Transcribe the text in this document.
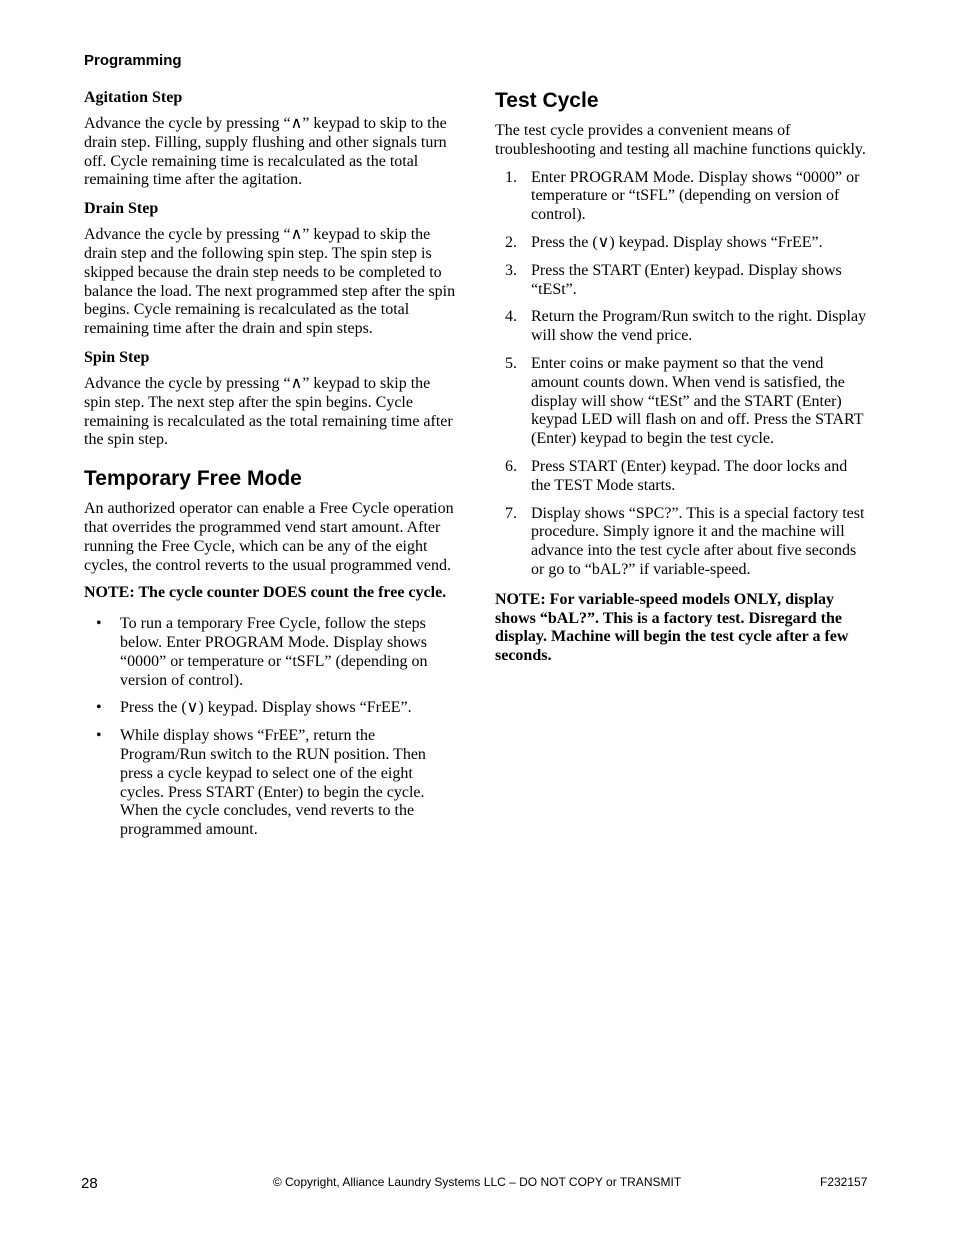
Programming
Agitation Step

Advance the cycle by pressing “∧” keypad to skip to the drain step. Filling, supply flushing and other signals turn off. Cycle remaining time is recalculated as the total remaining time after the agitation.

Drain Step

Advance the cycle by pressing “∧” keypad to skip the drain step and the following spin step. The spin step is skipped because the drain step needs to be completed to balance the load. The next programmed step after the spin begins. Cycle remaining is recalculated as the total remaining time after the drain and spin steps.

Spin Step

Advance the cycle by pressing “∧” keypad to skip the spin step. The next step after the spin begins. Cycle remaining is recalculated as the total remaining time after the spin step.

Temporary Free Mode

An authorized operator can enable a Free Cycle operation that overrides the programmed vend start amount. After running the Free Cycle, which can be any of the eight cycles, the control reverts to the usual programmed vend.

NOTE: The cycle counter DOES count the free cycle.

• To run a temporary Free Cycle, follow the steps below. Enter PROGRAM Mode. Display shows “0000” or temperature or “tSFL” (depending on version of control).
• Press the (∨) keypad. Display shows “FrEE”.
• While display shows “FrEE”, return the Program/Run switch to the RUN position. Then press a cycle keypad to select one of the eight cycles. Press START (Enter) to begin the cycle. When the cycle concludes, vend reverts to the programmed amount.
Test Cycle

The test cycle provides a convenient means of troubleshooting and testing all machine functions quickly.

1. Enter PROGRAM Mode. Display shows “0000” or temperature or “tSFL” (depending on version of control).
2. Press the (∨) keypad. Display shows “FrEE”.
3. Press the START (Enter) keypad. Display shows “tESt”.
4. Return the Program/Run switch to the right. Display will show the vend price.
5. Enter coins or make payment so that the vend amount counts down. When vend is satisfied, the display will show “tESt” and the START (Enter) keypad LED will flash on and off. Press the START (Enter) keypad to begin the test cycle.
6. Press START (Enter) keypad. The door locks and the TEST Mode starts.
7. Display shows “SPC?”. This is a special factory test procedure. Simply ignore it and the machine will advance into the test cycle after about five seconds or go to “bAL?” if variable-speed.

NOTE: For variable-speed models ONLY, display shows “bAL?”. This is a factory test. Disregard the display. Machine will begin the test cycle after a few seconds.

28	© Copyright, Alliance Laundry Systems LLC – DO NOT COPY or TRANSMIT	F232157
